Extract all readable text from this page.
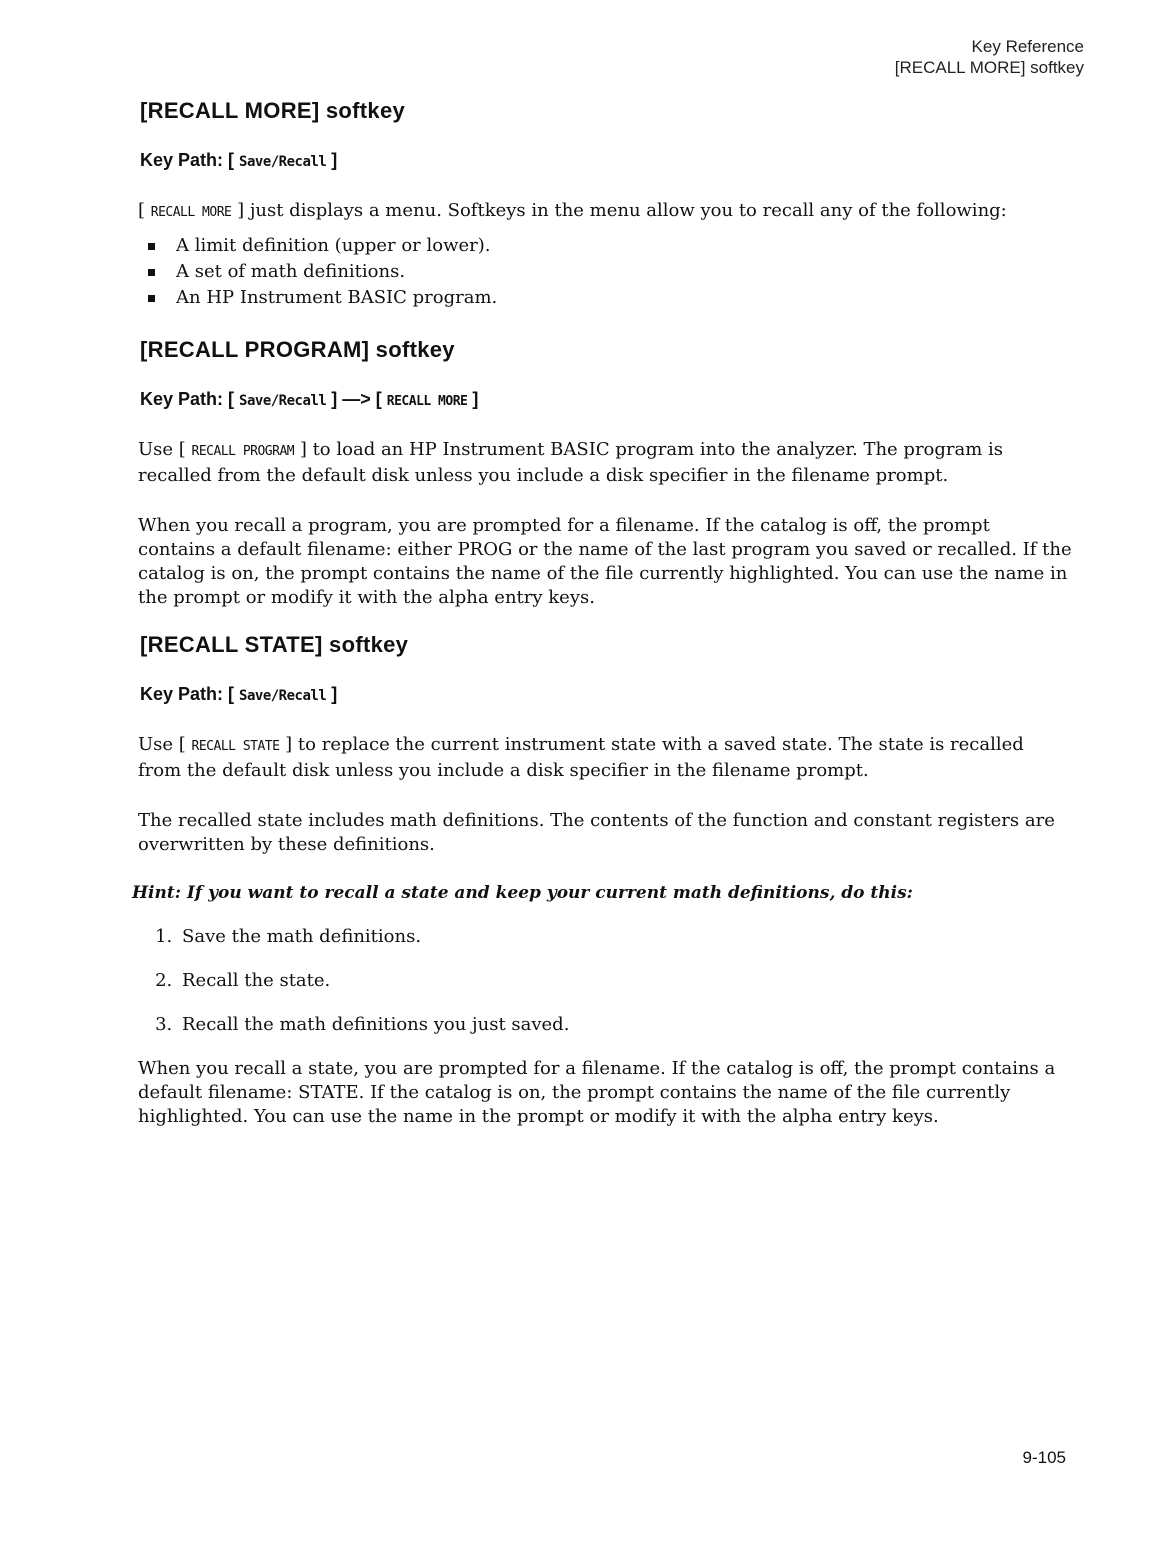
Key Reference
[RECALL MORE] softkey
[RECALL MORE] softkey
Key Path: [ Save/Recall ]

[ RECALL MORE ] just displays a menu. Softkeys in the menu allow you to recall any of the following:

A limit definition (upper or lower).
A set of math definitions.
An HP Instrument BASIC program.
[RECALL PROGRAM] softkey
Key Path: [ Save/Recall ] —> [ RECALL MORE ]

Use [ RECALL PROGRAM ] to load an HP Instrument BASIC program into the analyzer. The program is recalled from the default disk unless you include a disk specifier in the filename prompt.

When you recall a program, you are prompted for a filename. If the catalog is off, the prompt contains a default filename: either PROG or the name of the last program you saved or recalled. If the catalog is on, the prompt contains the name of the file currently highlighted. You can use the name in the prompt or modify it with the alpha entry keys.

[RECALL STATE] softkey
Key Path: [ Save/Recall ]

Use [ RECALL STATE ] to replace the current instrument state with a saved state. The state is recalled from the default disk unless you include a disk specifier in the filename prompt.

The recalled state includes math definitions. The contents of the function and constant registers are overwritten by these definitions.

Hint: If you want to recall a state and keep your current math definitions, do this:
1. Save the math definitions.
2. Recall the state.
3. Recall the math definitions you just saved.

When you recall a state, you are prompted for a filename. If the catalog is off, the prompt contains a default filename: STATE. If the catalog is on, the prompt contains the name of the file currently highlighted. You can use the name in the prompt or modify it with the alpha entry keys.

9-105
